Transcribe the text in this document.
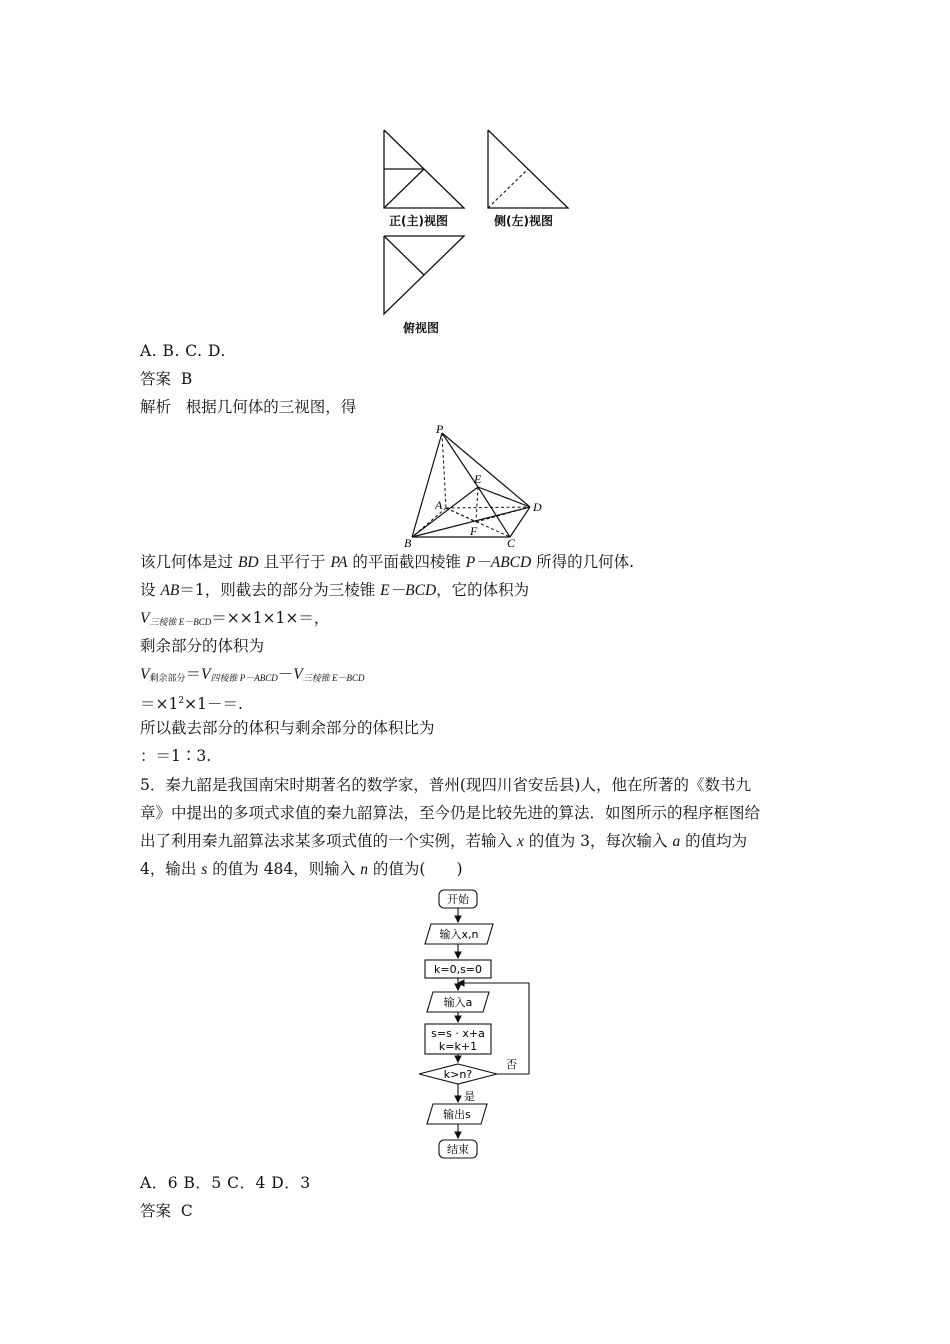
正(主)视图	侧(左)视图
俯视图
A. B. C. D.
答案 B
解析 根据几何体的三视图，得
P
E
A	D
F
B	C
该几何体是过 BD 且平行于 PA 的平面截四棱锥 P－ABCD 所得的几何体.
设 AB＝1，则截去的部分为三棱锥 E－BCD，它的体积为
$V_{三棱锥 E-BCD}=\times\times 1\times 1\times=$，
剩余部分的体积为
$V_{剩余部分}=V_{四棱锥 P-ABCD}-V_{三棱锥 E-BCD}$
$=\times 1^2\times 1-=$.
所以截去部分的体积与剩余部分的体积比为
：＝1∶3.
5．秦九韶是我国南宋时期著名的数学家，普州(现四川省安岳县)人，他在所著的《数书九
章》中提出的多项式求值的秦九韶算法，至今仍是比较先进的算法．如图所示的程序框图给
出了利用秦九韶算法求某多项式值的一个实例，若输入 x 的值为 3，每次输入 a 的值均为
4，输出 s 的值为 484，则输入 n 的值为(　　)
开始
输入x,n
k=0,s=0
输入a
s=s · x+a
k=k+1
k>n?
否
是
输出s
结束
A．6 B．5 C．4 D．3
答案 C
